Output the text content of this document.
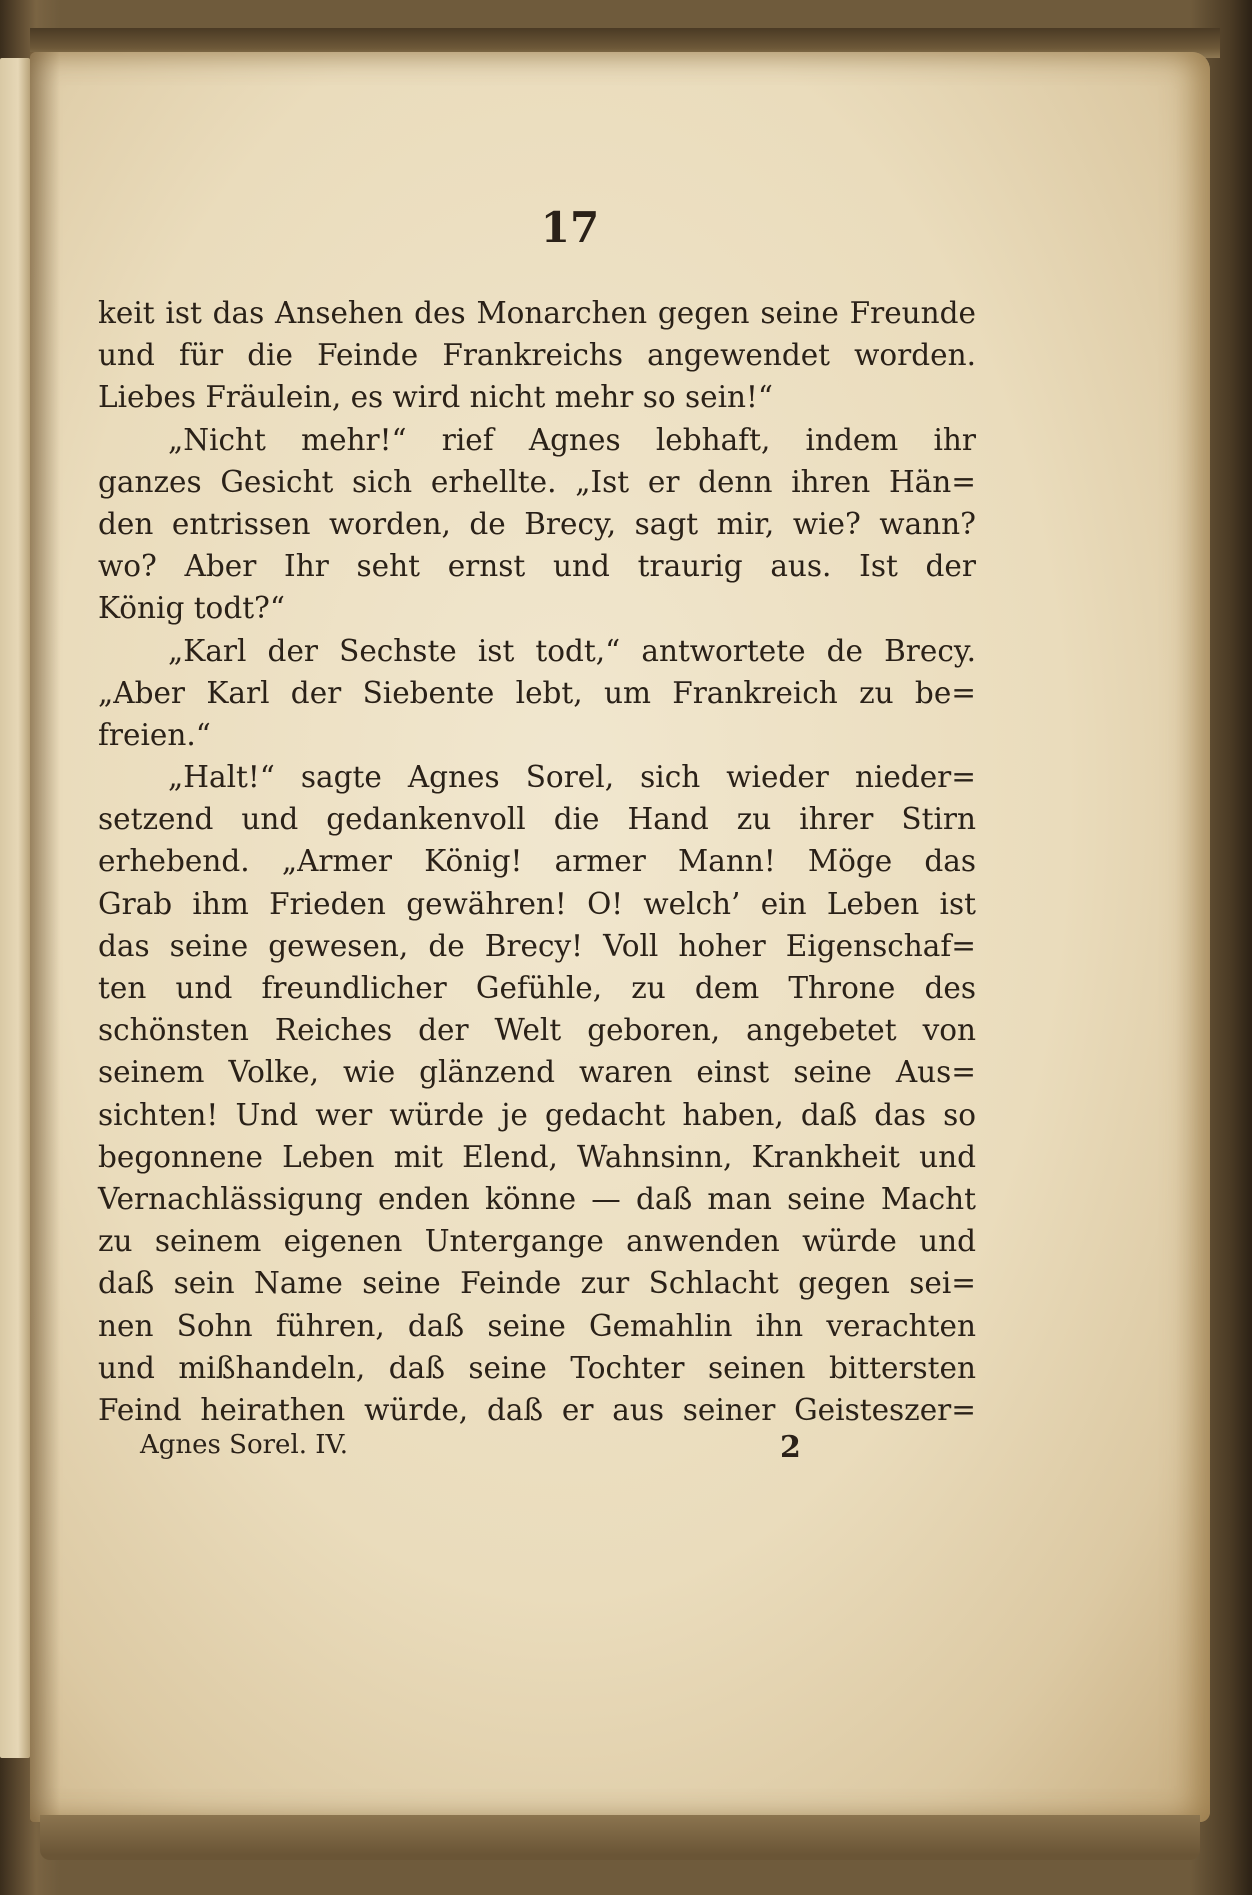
17
keit ist das Ansehen des Monarchen gegen seine Freunde
und für die Feinde Frankreichs angewendet worden.
Liebes Fräulein, es wird nicht mehr so sein!“
„Nicht mehr!“ rief Agnes lebhaft, indem ihr
ganzes Gesicht sich erhellte. „Ist er denn ihren Hän=
den entrissen worden, de Brecy, sagt mir, wie? wann?
wo? Aber Ihr seht ernst und traurig aus. Ist der
König todt?“
„Karl der Sechste ist todt,“ antwortete de Brecy.
„Aber Karl der Siebente lebt, um Frankreich zu be=
freien.“
„Halt!“ sagte Agnes Sorel, sich wieder nieder=
setzend und gedankenvoll die Hand zu ihrer Stirn
erhebend. „Armer König! armer Mann! Möge das
Grab ihm Frieden gewähren! O! welch’ ein Leben ist
das seine gewesen, de Brecy! Voll hoher Eigenschaf=
ten und freundlicher Gefühle, zu dem Throne des
schönsten Reiches der Welt geboren, angebetet von
seinem Volke, wie glänzend waren einst seine Aus=
sichten! Und wer würde je gedacht haben, daß das so
begonnene Leben mit Elend, Wahnsinn, Krankheit und
Vernachlässigung enden könne — daß man seine Macht
zu seinem eigenen Untergange anwenden würde und
daß sein Name seine Feinde zur Schlacht gegen sei=
nen Sohn führen, daß seine Gemahlin ihn verachten
und mißhandeln, daß seine Tochter seinen bittersten
Feind heirathen würde, daß er aus seiner Geisteszer=
Agnes Sorel. IV.	2
